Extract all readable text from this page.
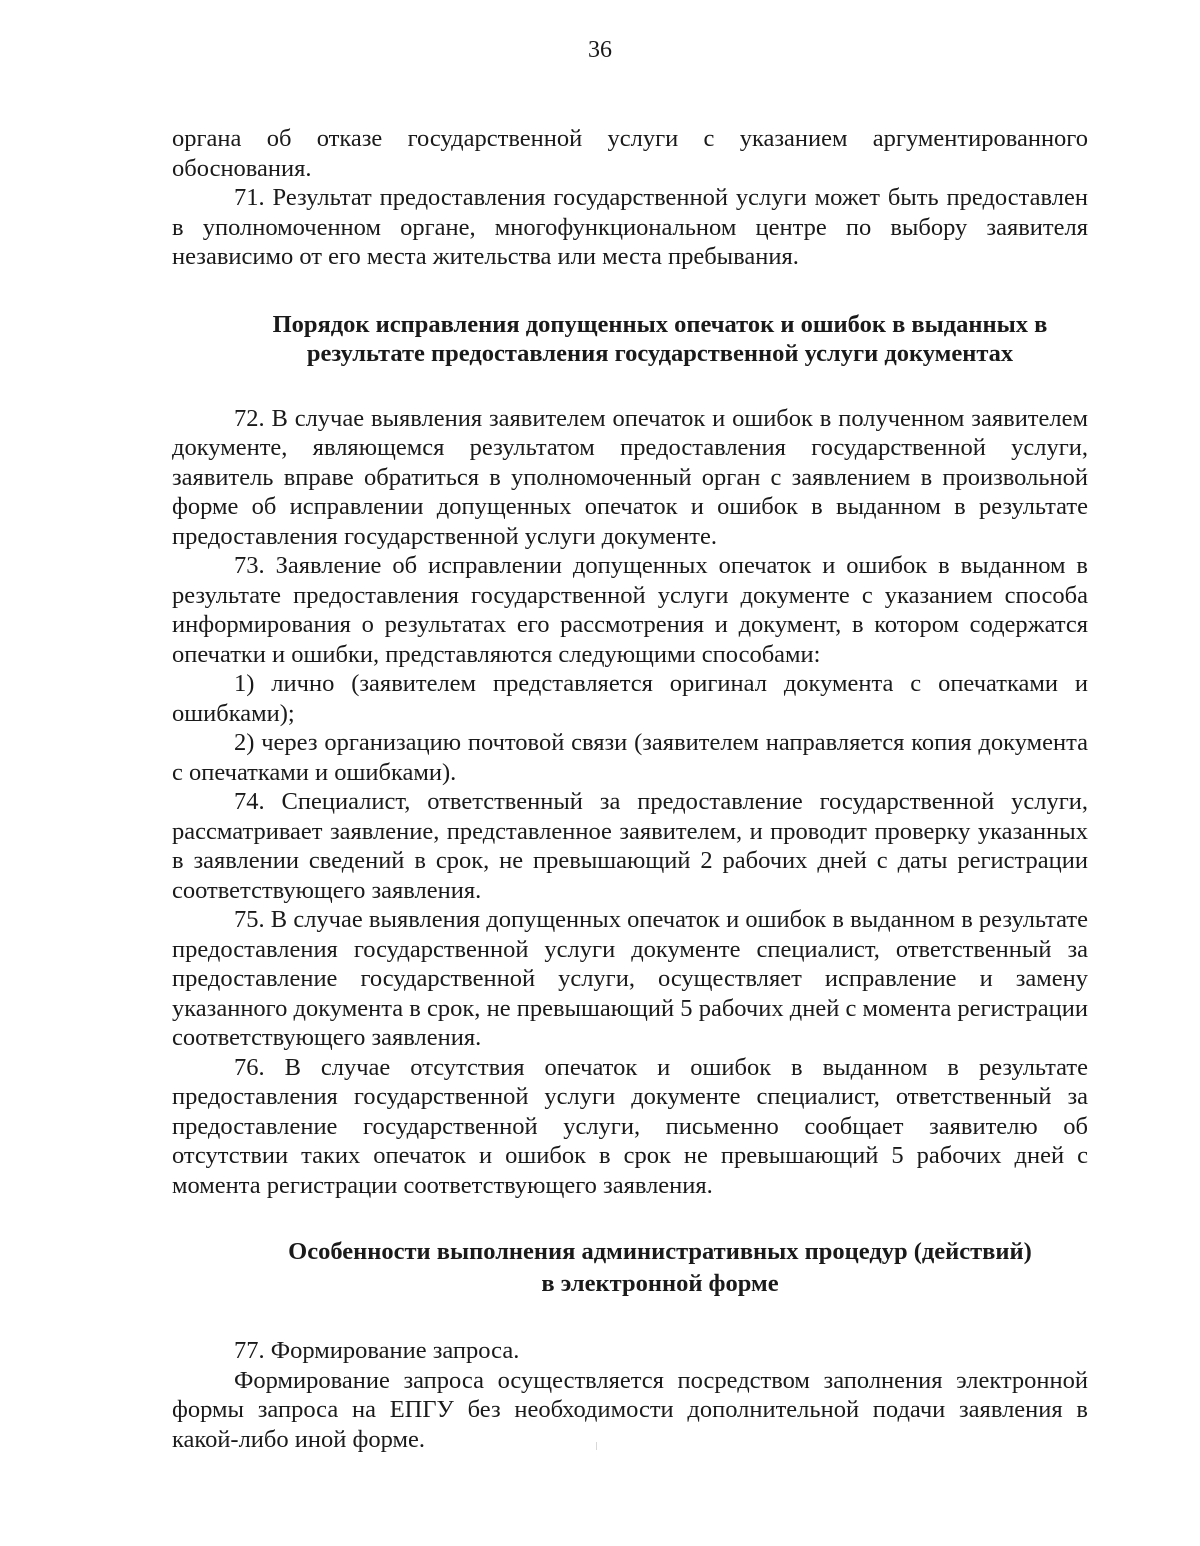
36

органа об отказе государственной услуги с указанием аргументированного обоснования.

71. Результат предоставления государственной услуги может быть предоставлен в уполномоченном органе, многофункциональном центре по выбору заявителя независимо от его места жительства или места пребывания.

Порядок исправления допущенных опечаток и ошибок в выданных в результате предоставления государственной услуги документах

72. В случае выявления заявителем опечаток и ошибок в полученном заявителем документе, являющемся результатом предоставления государственной услуги, заявитель вправе обратиться в уполномоченный орган с заявлением в произвольной форме об исправлении допущенных опечаток и ошибок в выданном в результате предоставления государственной услуги документе.

73. Заявление об исправлении допущенных опечаток и ошибок в выданном в результате предоставления государственной услуги документе с указанием способа информирования о результатах его рассмотрения и документ, в котором содержатся опечатки и ошибки, представляются следующими способами:

1) лично (заявителем представляется оригинал документа с опечатками и ошибками);

2) через организацию почтовой связи (заявителем направляется копия документа с опечатками и ошибками).

74. Специалист, ответственный за предоставление государственной услуги, рассматривает заявление, представленное заявителем, и проводит проверку указанных в заявлении сведений в срок, не превышающий 2 рабочих дней с даты регистрации соответствующего заявления.

75. В случае выявления допущенных опечаток и ошибок в выданном в результате предоставления государственной услуги документе специалист, ответственный за предоставление государственной услуги, осуществляет исправление и замену указанного документа в срок, не превышающий 5 рабочих дней с момента регистрации соответствующего заявления.

76. В случае отсутствия опечаток и ошибок в выданном в результате предоставления государственной услуги документе специалист, ответственный за предоставление государственной услуги, письменно сообщает заявителю об отсутствии таких опечаток и ошибок в срок не превышающий 5 рабочих дней с момента регистрации соответствующего заявления.

Особенности выполнения административных процедур (действий)
в электронной форме

77. Формирование запроса.

Формирование запроса осуществляется посредством заполнения электронной формы запроса на ЕПГУ без необходимости дополнительной подачи заявления в какой-либо иной форме.
